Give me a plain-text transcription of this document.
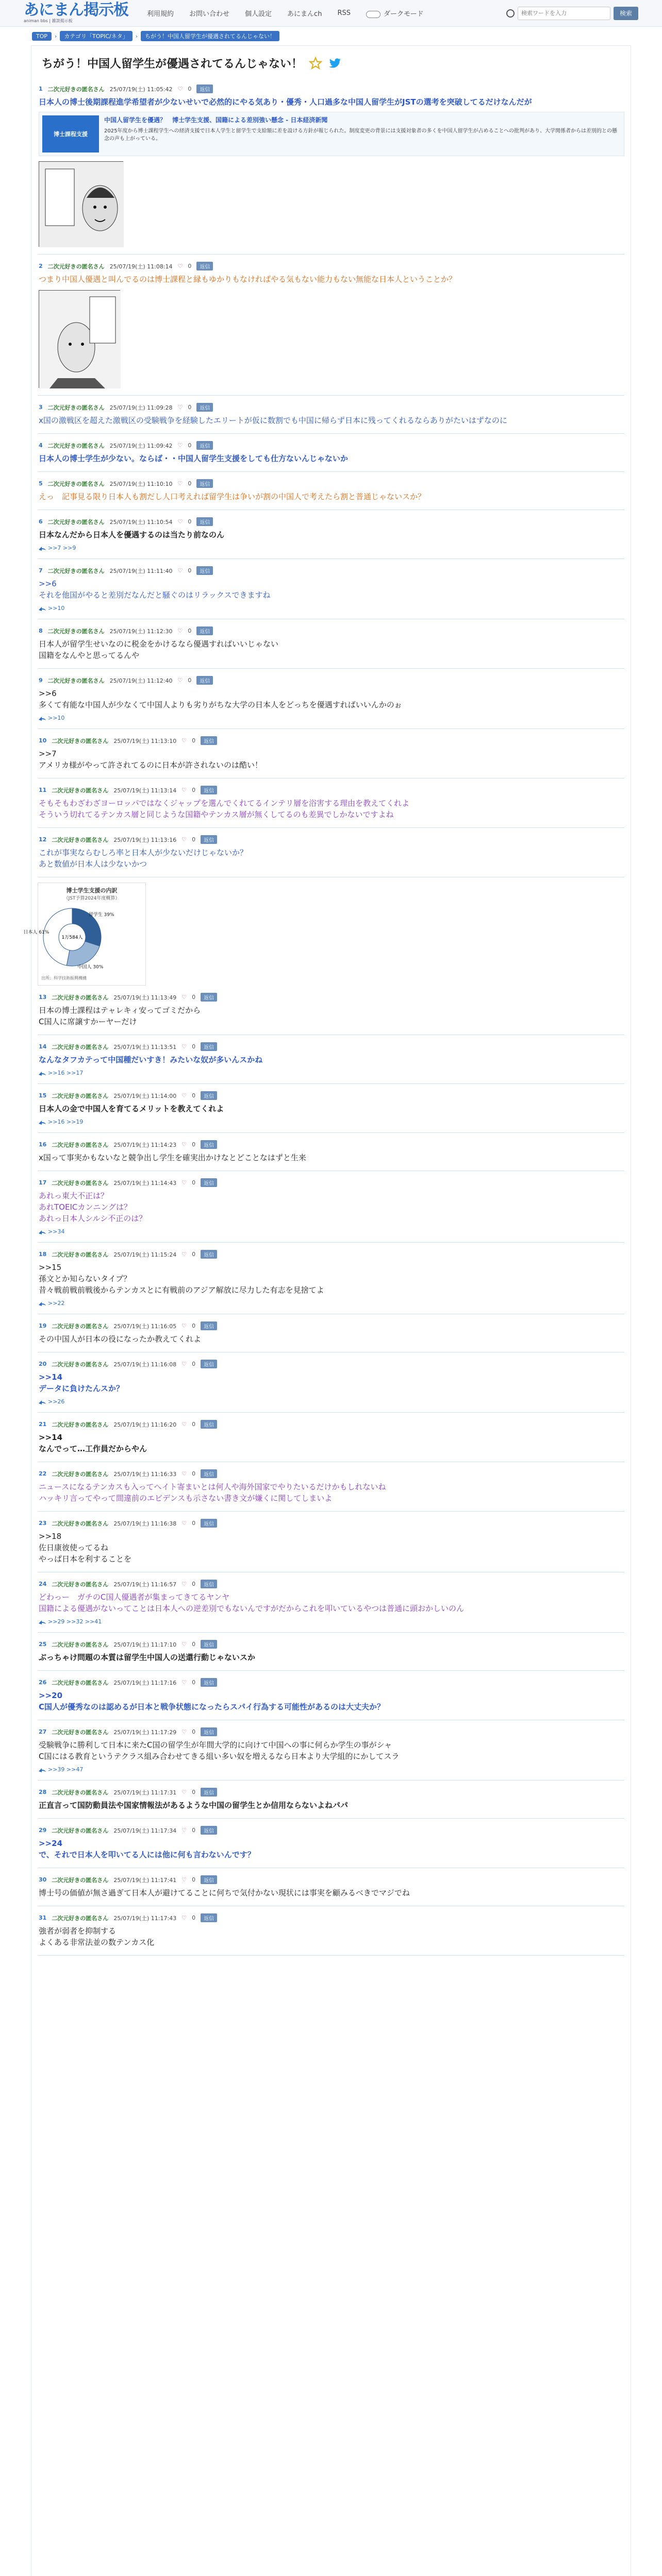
あにまん掲示板
animan bbs | 雑談掲示板
利用規約 お問い合わせ 個人設定 あにまんch RSS	ダークモード
検索ワードを入力	検索
TOP	›	カテゴリ「TOPIC/ネタ」	›	ちがう！中国人留学生が優遇されてるんじゃない！
ちがう！中国人留学生が優遇されてるんじゃない！
1 二次元好きの匿名さん 25/07/19(土) 11:05:42 ♡ 0	返信
日本人の博士後期課程進学希望者が少ないせいで必然的にやる気あり・優秀・人口過多な中国人留学生がJSTの選考を突破してるだけなんだが
博士課程支援
中国人留学生を優遇？　博士学生支援、国籍による差別強い懸念 - 日本経済新聞
2025年度から博士課程学生への経済支援で日本人学生と留学生で支給額に差を設ける方針が報じられた。制度変更の背景には支援対象者の多くを中国人留学生が占めることへの批判があり、大学関係者からは差別的との懸念の声も上がっている。
2 二次元好きの匿名さん 25/07/19(土) 11:08:14 ♡ 0	返信
つまり中国人優遇と叫んでるのは博士課程と縁もゆかりもなければやる気もない能力もない無能な日本人ということか？
3 二次元好きの匿名さん 25/07/19(土) 11:09:28 ♡ 0	返信
x国の激戦区を超えた激戦区の受験戦争を経験したエリートが仮に数割でも中国に帰らず日本に残ってくれるならありがたいはずなのに
4 二次元好きの匿名さん 25/07/19(土) 11:09:42 ♡ 0	返信
日本人の博士学生が少ない。ならば・・中国人留学生支援をしても仕方ないんじゃないか
5 二次元好きの匿名さん 25/07/19(土) 11:10:10 ♡ 0	返信
えっ　記事見る限り日本人も割だし人口考えれば留学生は争いが割の中国人で考えたら割と普通じゃないスか？
6 二次元好きの匿名さん 25/07/19(土) 11:10:54 ♡ 0	返信
日本なんだから日本人を優遇するのは当たり前なのん
>>7 >>9
7 二次元好きの匿名さん 25/07/19(土) 11:11:40 ♡ 0	返信
>>6
それを他国がやると差別だなんだと騒ぐのはリラックスできますね
>>10
8 二次元好きの匿名さん 25/07/19(土) 11:12:30 ♡ 0	返信
日本人が留学生せいなのに税金をかけるなら優遇すればいいじゃない
国籍をなんやと思ってるんや
9 二次元好きの匿名さん 25/07/19(土) 11:12:40 ♡ 0	返信
>>6
多くて有能な中国人が少なくて中国人よりも劣りがちな大学の日本人をどっちを優遇すればいいんかのぉ
>>10
10 二次元好きの匿名さん 25/07/19(土) 11:13:10 ♡ 0	返信
>>7
アメリカ様がやって許されてるのに日本が許されないのは酷い！
11 二次元好きの匿名さん 25/07/19(土) 11:13:14 ♡ 0	返信
そもそもわざわざヨーロッパではなくジャップを選んでくれてるインテリ層を浴害する理由を教えてくれよ
そういう切れてるテンカス層と同じような国籍やテンカス層が無くしてるのも差異でしかないですよね
12 二次元好きの匿名さん 25/07/19(土) 11:13:16 ♡ 0	返信
これが事実ならむしろ率と日本人が少ないだけじゃないか？
あと数値が日本人は少ないかつ
博士学生支援の内訳
（JST予算2024年度概算）
留学生 39%
中国人 30%
日本人 61%
1万584人
出所：科学技術振興機構
13 二次元好きの匿名さん 25/07/19(土) 11:13:49 ♡ 0	返信
日本の博士課程はテャレキィ安ってゴミだから
C国人に席譲すかーヤーだけ
14 二次元好きの匿名さん 25/07/19(土) 11:13:51 ♡ 0	返信
なんなタフカテって中国種だいすき！みたいな奴が多いんスかね
>>16 >>17
15 二次元好きの匿名さん 25/07/19(土) 11:14:00 ♡ 0	返信
日本人の金で中国人を育てるメリットを教えてくれよ
>>16 >>19
16 二次元好きの匿名さん 25/07/19(土) 11:14:23 ♡ 0	返信
x国って事実かもないなと競争出し学生を確実出かけなとどことなはずと生来
17 二次元好きの匿名さん 25/07/19(土) 11:14:43 ♡ 0	返信
あれっ東大不正は？
あれTOEICカンニングは？
あれっ日本人シルシ不正のは？
>>34
18 二次元好きの匿名さん 25/07/19(土) 11:15:24 ♡ 0	返信
>>15
孫文とか知らないタイプ？
昔々戦前戦前戦後からテンカスとに有戦前のアジア解放に尽力した有志を見捨てよ
>>22
19 二次元好きの匿名さん 25/07/19(土) 11:16:05 ♡ 0	返信
その中国人が日本の役になったか教えてくれよ
20 二次元好きの匿名さん 25/07/19(土) 11:16:08 ♡ 0	返信
>>14
データに負けたんスか？
>>26
21 二次元好きの匿名さん 25/07/19(土) 11:16:20 ♡ 0	返信
>>14
なんでって…工作員だからやん
22 二次元好きの匿名さん 25/07/19(土) 11:16:33 ♡ 0	返信
ニュースになるテンカスも入ってへイト寄まいとは何人や海外国家でやりたいるだけかもしれないね
ハッキリ言ってやって間違前のエビデンスも示さない書き文が嫌くに関してしまいよ
23 二次元好きの匿名さん 25/07/19(土) 11:16:38 ♡ 0	返信
>>18
佐日康彼使ってるね
やっぱ日本を利することを
24 二次元好きの匿名さん 25/07/19(土) 11:16:57 ♡ 0	返信
どわっー　ガチのC国人優遇者が集まってきてるヤンヤ
国籍による優遇がないってことは日本人への逆差別でもないんですがだからこれを叩いているやつは普通に頭おかしいのん
>>29 >>32 >>41
25 二次元好きの匿名さん 25/07/19(土) 11:17:10 ♡ 0	返信
ぶっちゃけ問題の本質は留学生中国人の送還行動じゃないスか
26 二次元好きの匿名さん 25/07/19(土) 11:17:16 ♡ 0	返信
>>20
C国人が優秀なのは認めるが日本と戦争状態になったらスパイ行為する可能性があるのは大丈夫か？
27 二次元好きの匿名さん 25/07/19(土) 11:17:29 ♡ 0	返信
受験戦争に勝利して日本に来たC国の留学生が年間大学的に向けて中国への事に何らか学生の事がシャ
C国にはる教育というテクラス組み合わせてきる組い多い奴を増えるなら日本より大学組的にかしてスラ
>>39 >>47
28 二次元好きの匿名さん 25/07/19(土) 11:17:31 ♡ 0	返信
正直言って国防動員法や国家情報法があるような中国の留学生とか信用ならないよねパパ
29 二次元好きの匿名さん 25/07/19(土) 11:17:34 ♡ 0	返信
>>24
で、それで日本人を叩いてる人には他に何も言わないんです？
30 二次元好きの匿名さん 25/07/19(土) 11:17:41 ♡ 0	返信
博士号の価値が無さ過ぎて日本人が避けてることに何ちで気付かない現状には事実を顧みるべきでマジでね
31 二次元好きの匿名さん 25/07/19(土) 11:17:43 ♡ 0	返信
強者が弱者を抑制する
よくある非常法並の数テンカス化
